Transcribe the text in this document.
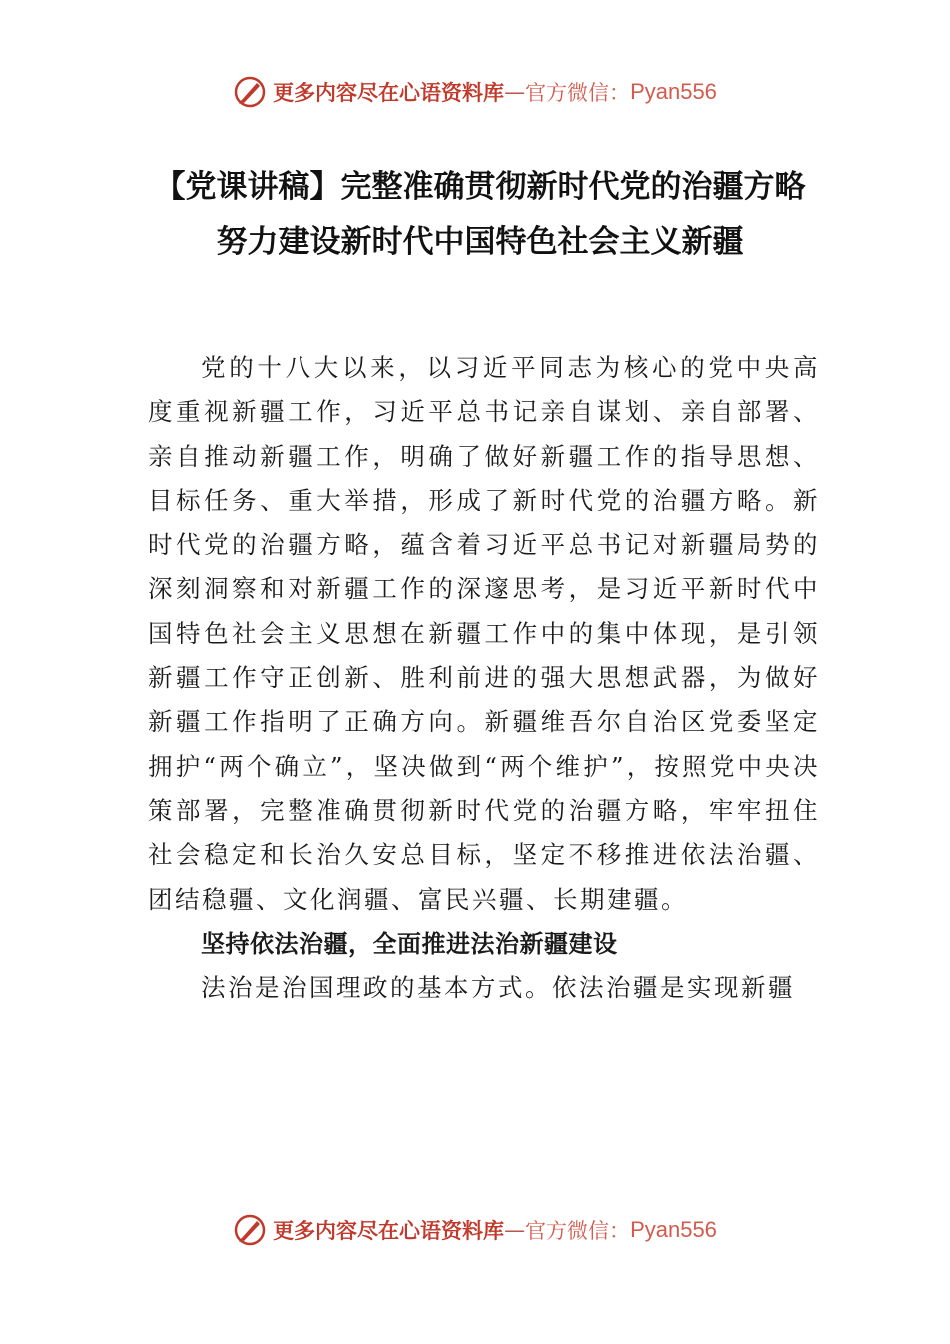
更多内容尽在心语资料库 — 官方微信： Pyan556
【党课讲稿】完整准确贯彻新时代党的治疆方略 努力建设新时代中国特色社会主义新疆

党的十八大以来，以习近平同志为核心的党中央高度重视新疆工作，习近平总书记亲自谋划、亲自部署、亲自推动新疆工作，明确了做好新疆工作的指导思想、目标任务、重大举措，形成了新时代党的治疆方略。新时代党的治疆方略，蕴含着习近平总书记对新疆局势的深刻洞察和对新疆工作的深邃思考，是习近平新时代中国特色社会主义思想在新疆工作中的集中体现，是引领新疆工作守正创新、胜利前进的强大思想武器，为做好新疆工作指明了正确方向。新疆维吾尔自治区党委坚定拥护“两个确立”，坚决做到“两个维护”，按照党中央决策部署，完整准确贯彻新时代党的治疆方略，牢牢扭住社会稳定和长治久安总目标，坚定不移推进依法治疆、团结稳疆、文化润疆、富民兴疆、长期建疆。

坚持依法治疆，全面推进法治新疆建设

法治是治国理政的基本方式。依法治疆是实现新疆

更多内容尽在心语资料库 — 官方微信： Pyan556
